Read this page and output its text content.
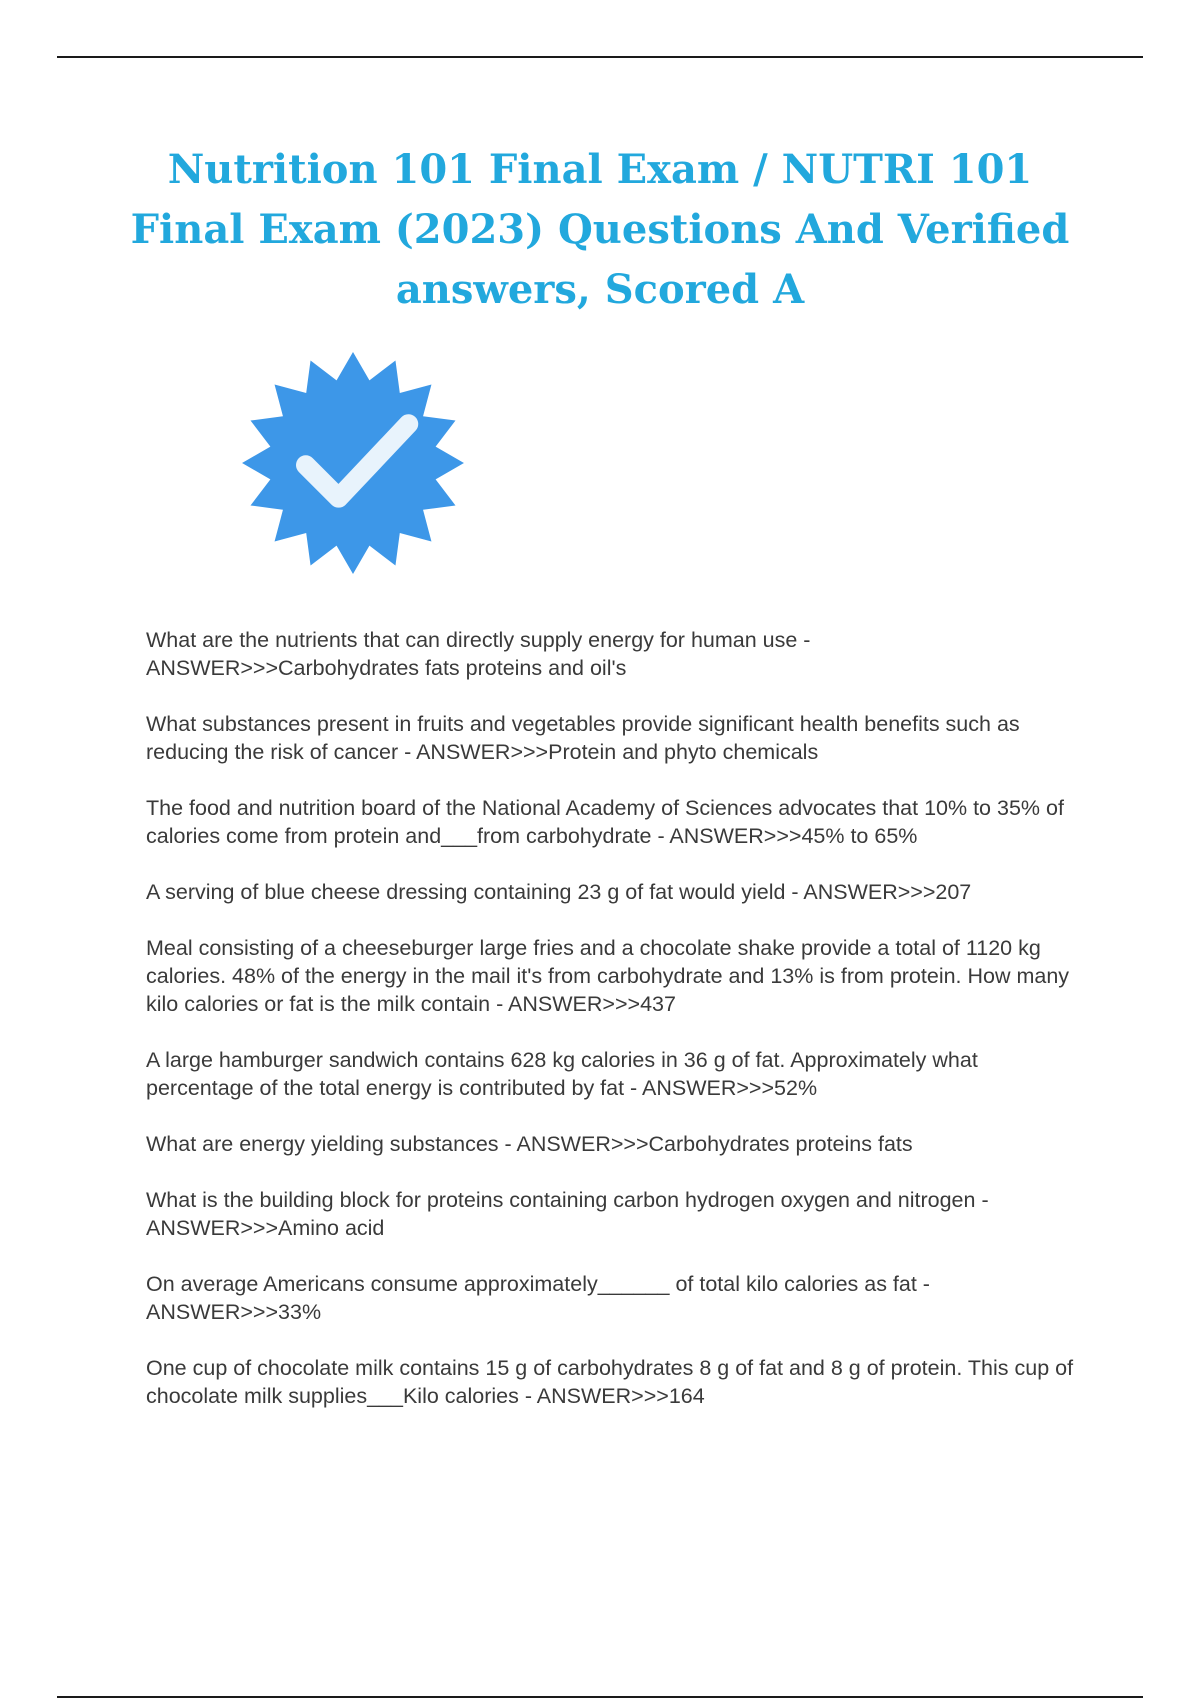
Nutrition 101 Final Exam / NUTRI 101 Final Exam (2023) Questions And Verified answers, Scored A
What are the nutrients that can directly supply energy for human use - ANSWER>>>Carbohydrates fats proteins and oil's
What substances present in fruits and vegetables provide significant health benefits such as reducing the risk of cancer - ANSWER>>>Protein and phyto chemicals
The food and nutrition board of the National Academy of Sciences advocates that 10% to 35% of calories come from protein and___from carbohydrate - ANSWER>>>45% to 65%
A serving of blue cheese dressing containing 23 g of fat would yield - ANSWER>>>207
Meal consisting of a cheeseburger large fries and a chocolate shake provide a total of 1120 kg calories. 48% of the energy in the mail it's from carbohydrate and 13% is from protein. How many kilo calories or fat is the milk contain - ANSWER>>>437
A large hamburger sandwich contains 628 kg calories in 36 g of fat. Approximately what percentage of the total energy is contributed by fat - ANSWER>>>52%
What are energy yielding substances - ANSWER>>>Carbohydrates proteins fats
What is the building block for proteins containing carbon hydrogen oxygen and nitrogen - ANSWER>>>Amino acid
On average Americans consume approximately______ of total kilo calories as fat - ANSWER>>>33%
One cup of chocolate milk contains 15 g of carbohydrates 8 g of fat and 8 g of protein. This cup of chocolate milk supplies___Kilo calories - ANSWER>>>164
